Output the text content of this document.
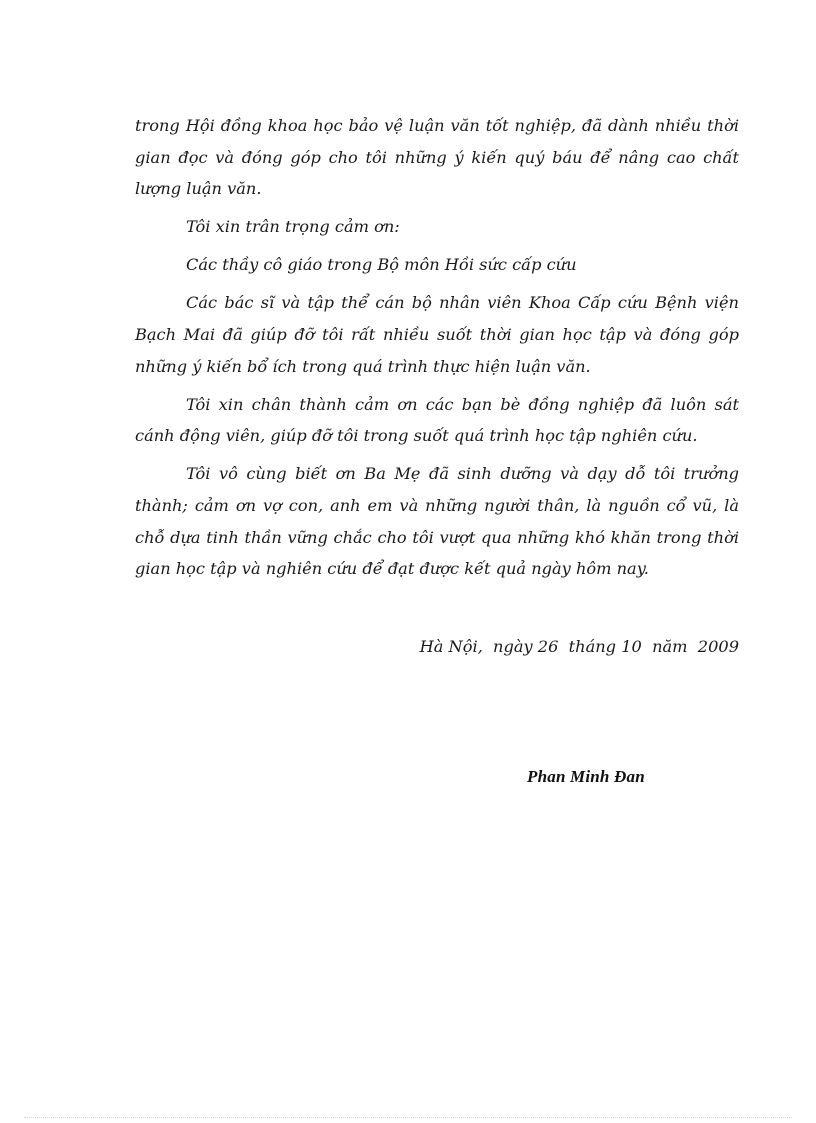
trong Hội đồng khoa học bảo vệ luận văn tốt nghiệp, đã dành nhiều thời gian đọc và đóng góp cho tôi những ý kiến quý báu để nâng cao chất lượng luận văn.

Tôi xin trân trọng cảm ơn:

Các thầy cô giáo trong Bộ môn Hồi sức cấp cứu

Các bác sĩ và tập thể cán bộ nhân viên Khoa Cấp cứu Bệnh viện Bạch Mai đã giúp đỡ tôi rất nhiều suốt thời gian học tập và đóng góp những ý kiến bổ ích trong quá trình thực hiện luận văn.

Tôi xin chân thành cảm ơn các bạn bè đồng nghiệp đã luôn sát cánh động viên, giúp đỡ tôi trong suốt quá trình học tập nghiên cứu.

Tôi vô cùng biết ơn Ba Mẹ đã sinh dưỡng và dạy dỗ tôi trưởng thành; cảm ơn vợ con, anh em và những người thân, là nguồn cổ vũ, là chỗ dựa tinh thần vững chắc cho tôi vượt qua những khó khăn trong thời gian học tập và nghiên cứu để đạt được kết quả ngày hôm nay.

Hà Nội,  ngày 26  tháng 10  năm  2009
Phan Minh Đan
